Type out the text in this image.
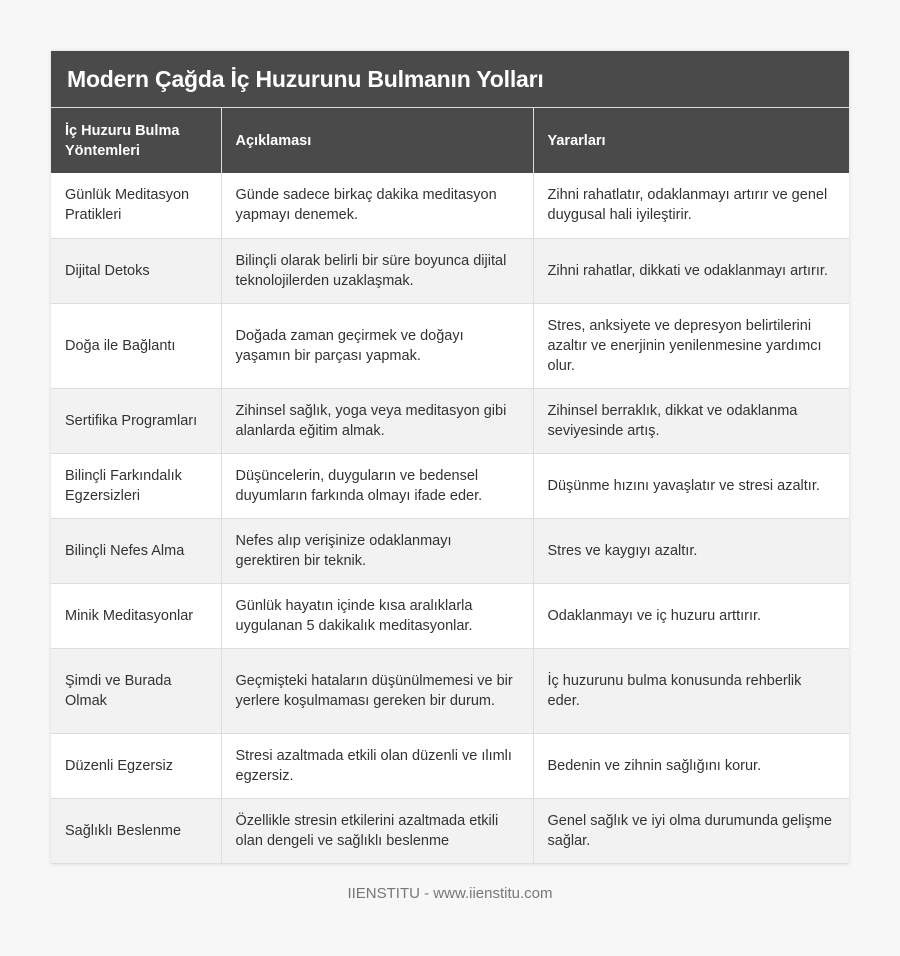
Modern Çağda İç Huzurunu Bulmanın Yolları
İç Huzuru Bulma Yöntemleri	Açıklaması	Yararları
Günlük Meditasyon Pratikleri	Günde sadece birkaç dakika meditasyon yapmayı denemek.	Zihni rahatlatır, odaklanmayı artırır ve genel duygusal hali iyileştirir.
Dijital Detoks	Bilinçli olarak belirli bir süre boyunca dijital teknolojilerden uzaklaşmak.	Zihni rahatlar, dikkati ve odaklanmayı artırır.
Doğa ile Bağlantı	Doğada zaman geçirmek ve doğayı yaşamın bir parçası yapmak.	Stres, anksiyete ve depresyon belirtilerini azaltır ve enerjinin yenilenmesine yardımcı olur.
Sertifika Programları	Zihinsel sağlık, yoga veya meditasyon gibi alanlarda eğitim almak.	Zihinsel berraklık, dikkat ve odaklanma seviyesinde artış.
Bilinçli Farkındalık Egzersizleri	Düşüncelerin, duyguların ve bedensel duyumların farkında olmayı ifade eder.	Düşünme hızını yavaşlatır ve stresi azaltır.
Bilinçli Nefes Alma	Nefes alıp verişinize odaklanmayı gerektiren bir teknik.	Stres ve kaygıyı azaltır.
Minik Meditasyonlar	Günlük hayatın içinde kısa aralıklarla uygulanan 5 dakikalık meditasyonlar.	Odaklanmayı ve iç huzuru arttırır.
Şimdi ve Burada Olmak	Geçmişteki hataların düşünülmemesi ve bir yerlere koşulmaması gereken bir durum.	İç huzurunu bulma konusunda rehberlik eder.
Düzenli Egzersiz	Stresi azaltmada etkili olan düzenli ve ılımlı egzersiz.	Bedenin ve zihnin sağlığını korur.
Sağlıklı Beslenme	Özellikle stresin etkilerini azaltmada etkili olan dengeli ve sağlıklı beslenme	Genel sağlık ve iyi olma durumunda gelişme sağlar.
IIENSTITU - www.iienstitu.com
